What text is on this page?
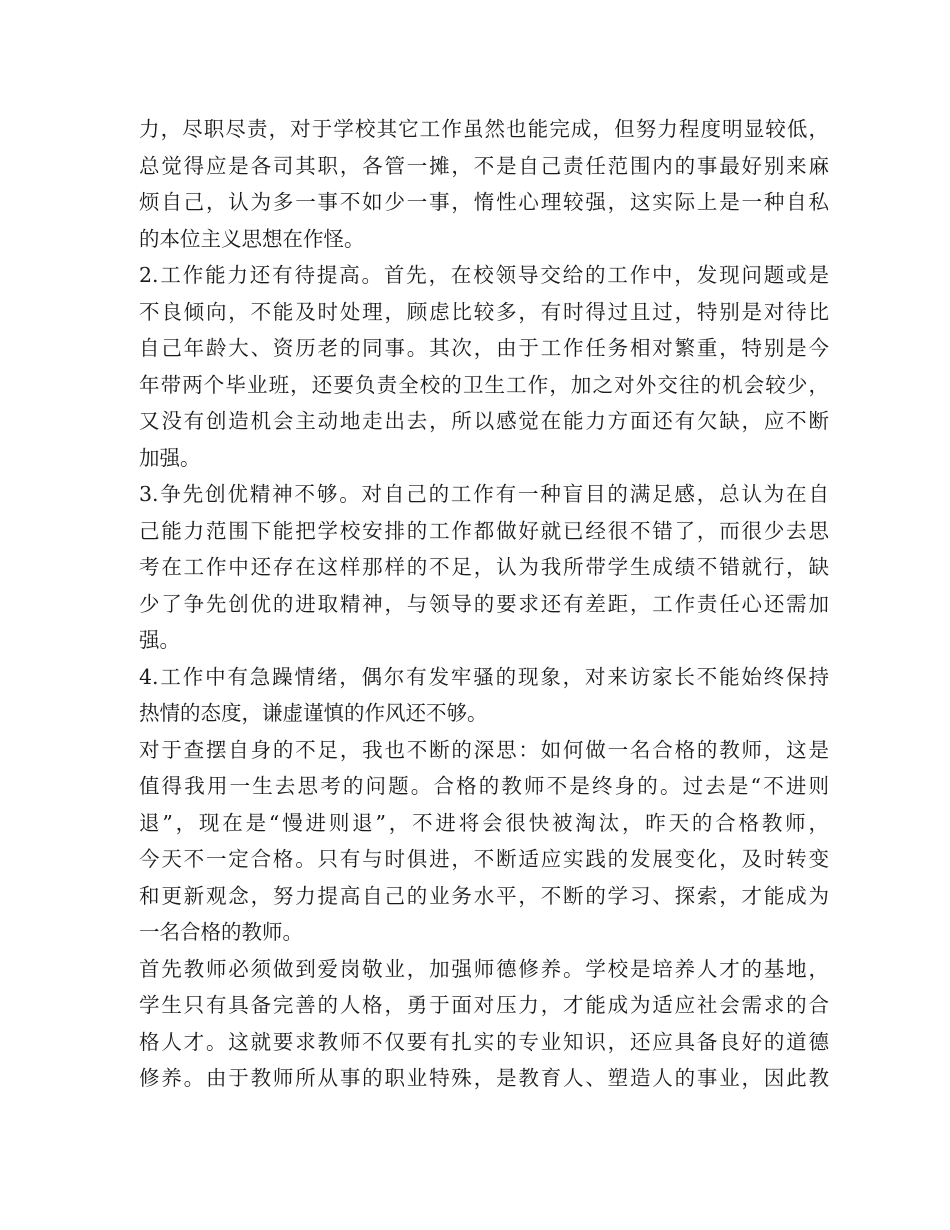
力，尽职尽责，对于学校其它工作虽然也能完成，但努力程度明显较低，
总觉得应是各司其职，各管一摊，不是自己责任范围内的事最好别来麻
烦自己，认为多一事不如少一事，惰性心理较强，这实际上是一种自私
的本位主义思想在作怪。
2.工作能力还有待提高。首先，在校领导交给的工作中，发现问题或是
不良倾向，不能及时处理，顾虑比较多，有时得过且过，特别是对待比
自己年龄大、资历老的同事。其次，由于工作任务相对繁重，特别是今
年带两个毕业班，还要负责全校的卫生工作，加之对外交往的机会较少，
又没有创造机会主动地走出去，所以感觉在能力方面还有欠缺，应不断
加强。
3.争先创优精神不够。对自己的工作有一种盲目的满足感，总认为在自
己能力范围下能把学校安排的工作都做好就已经很不错了，而很少去思
考在工作中还存在这样那样的不足，认为我所带学生成绩不错就行，缺
少了争先创优的进取精神，与领导的要求还有差距，工作责任心还需加
强。
4.工作中有急躁情绪，偶尔有发牢骚的现象，对来访家长不能始终保持
热情的态度，谦虚谨慎的作风还不够。
对于查摆自身的不足，我也不断的深思：如何做一名合格的教师，这是
值得我用一生去思考的问题。合格的教师不是终身的。过去是“不进则
退”，现在是“慢进则退”，不进将会很快被淘汰，昨天的合格教师，
今天不一定合格。只有与时俱进，不断适应实践的发展变化，及时转变
和更新观念，努力提高自己的业务水平，不断的学习、探索，才能成为
一名合格的教师。
首先教师必须做到爱岗敬业，加强师德修养。学校是培养人才的基地，
学生只有具备完善的人格，勇于面对压力，才能成为适应社会需求的合
格人才。这就要求教师不仅要有扎实的专业知识，还应具备良好的道德
修养。由于教师所从事的职业特殊，是教育人、塑造人的事业，因此教
